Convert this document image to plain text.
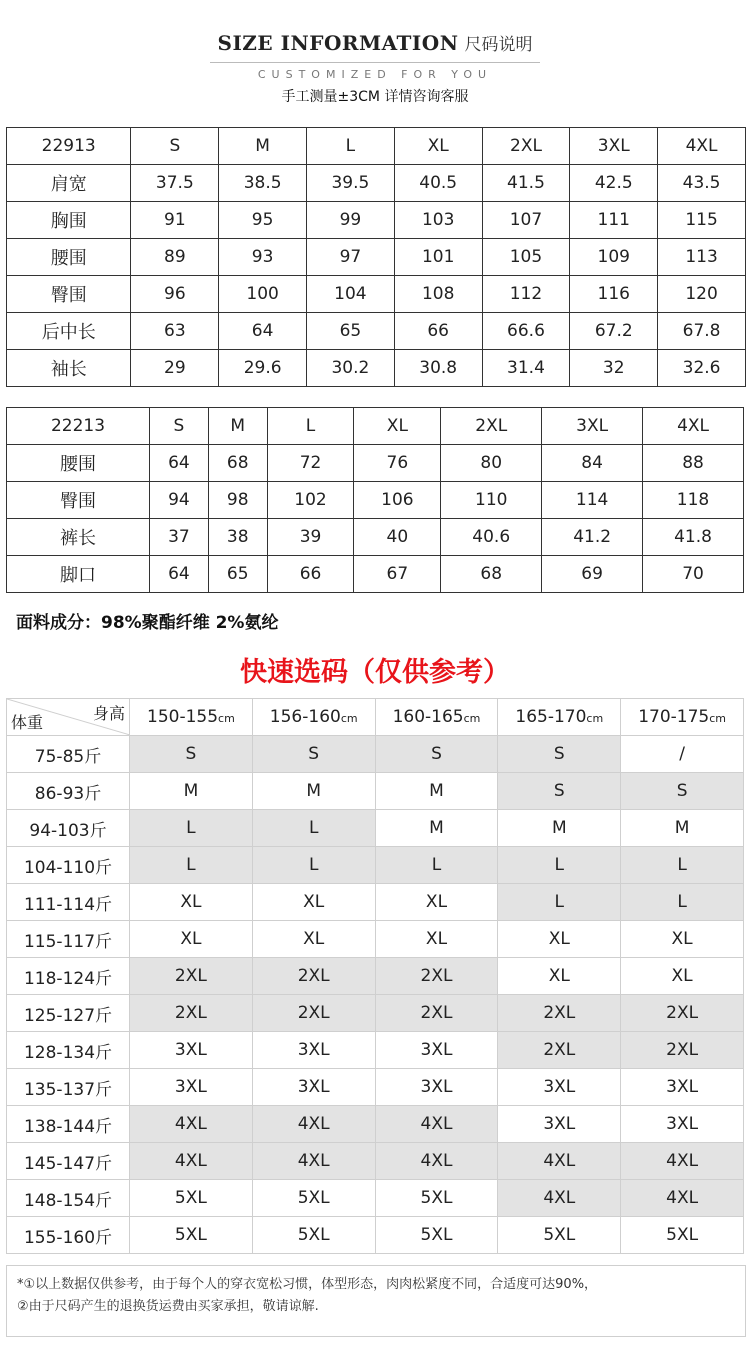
SIZE INFORMATION 尺码说明
CUSTOMIZED FOR YOU
手工测量±3CM 详情咨询客服
22913	S	M	L	XL	2XL	3XL	4XL
肩宽	37.5	38.5	39.5	40.5	41.5	42.5	43.5
胸围	91	95	99	103	107	111	115
腰围	89	93	97	101	105	109	113
臀围	96	100	104	108	112	116	120
后中长	63	64	65	66	66.6	67.2	67.8
袖长	29	29.6	30.2	30.8	31.4	32	32.6
22213	S	M	L	XL	2XL	3XL	4XL
腰围	64	68	72	76	80	84	88
臀围	94	98	102	106	110	114	118
裤长	37	38	39	40	40.6	41.2	41.8
脚口	64	65	66	67	68	69	70
面料成分：98%聚酯纤维 2%氨纶
快速选码（仅供参考）
身高
体重	150-155cm	156-160cm	160-165cm	165-170cm	170-175cm
75-85斤	S	S	S	S	/
86-93斤	M	M	M	S	S
94-103斤	L	L	M	M	M
104-110斤	L	L	L	L	L
111-114斤	XL	XL	XL	L	L
115-117斤	XL	XL	XL	XL	XL
118-124斤	2XL	2XL	2XL	XL	XL
125-127斤	2XL	2XL	2XL	2XL	2XL
128-134斤	3XL	3XL	3XL	2XL	2XL
135-137斤	3XL	3XL	3XL	3XL	3XL
138-144斤	4XL	4XL	4XL	3XL	3XL
145-147斤	4XL	4XL	4XL	4XL	4XL
148-154斤	5XL	5XL	5XL	4XL	4XL
155-160斤	5XL	5XL	5XL	5XL	5XL

*①以上数据仅供参考，由于每个人的穿衣宽松习惯，体型形态，肉肉松紧度不同，合适度可达90%，

②由于尺码产生的退换货运费由买家承担，敬请谅解.
